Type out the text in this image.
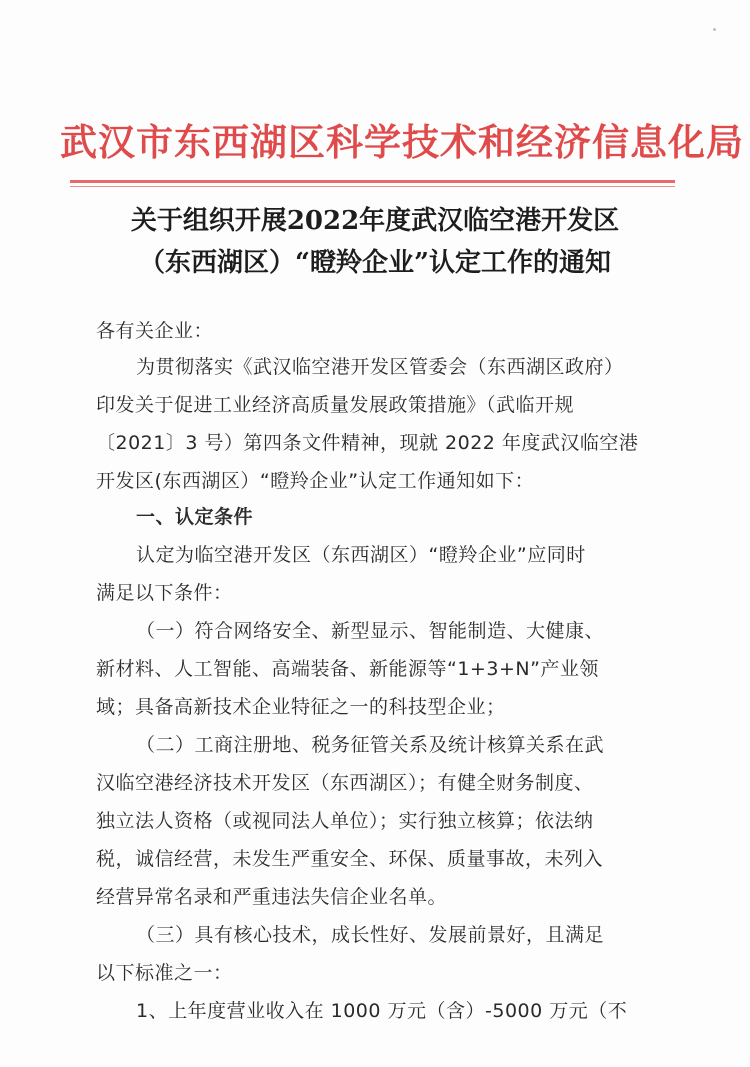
武汉市东西湖区科学技术和经济信息化局
关于组织开展2022年度武汉临空港开发区
（东西湖区）“瞪羚企业”认定工作的通知
各有关企业：
为贯彻落实《武汉临空港开发区管委会（东西湖区政府）
印发关于促进工业经济高质量发展政策措施》（武临开规
〔2021〕3 号）第四条文件精神，现就 2022 年度武汉临空港
开发区(东西湖区）“瞪羚企业”认定工作通知如下：
一、认定条件
认定为临空港开发区（东西湖区）“瞪羚企业”应同时
满足以下条件：
（一）符合网络安全、新型显示、智能制造、大健康、
新材料、人工智能、高端装备、新能源等“1+3+N”产业领
域；具备高新技术企业特征之一的科技型企业；
（二）工商注册地、税务征管关系及统计核算关系在武
汉临空港经济技术开发区（东西湖区）；有健全财务制度、
独立法人资格（或视同法人单位）；实行独立核算；依法纳
税，诚信经营，未发生严重安全、环保、质量事故，未列入
经营异常名录和严重违法失信企业名单。
（三）具有核心技术，成长性好、发展前景好，且满足
以下标准之一：
1、上年度营业收入在 1000 万元（含）-5000 万元（不
